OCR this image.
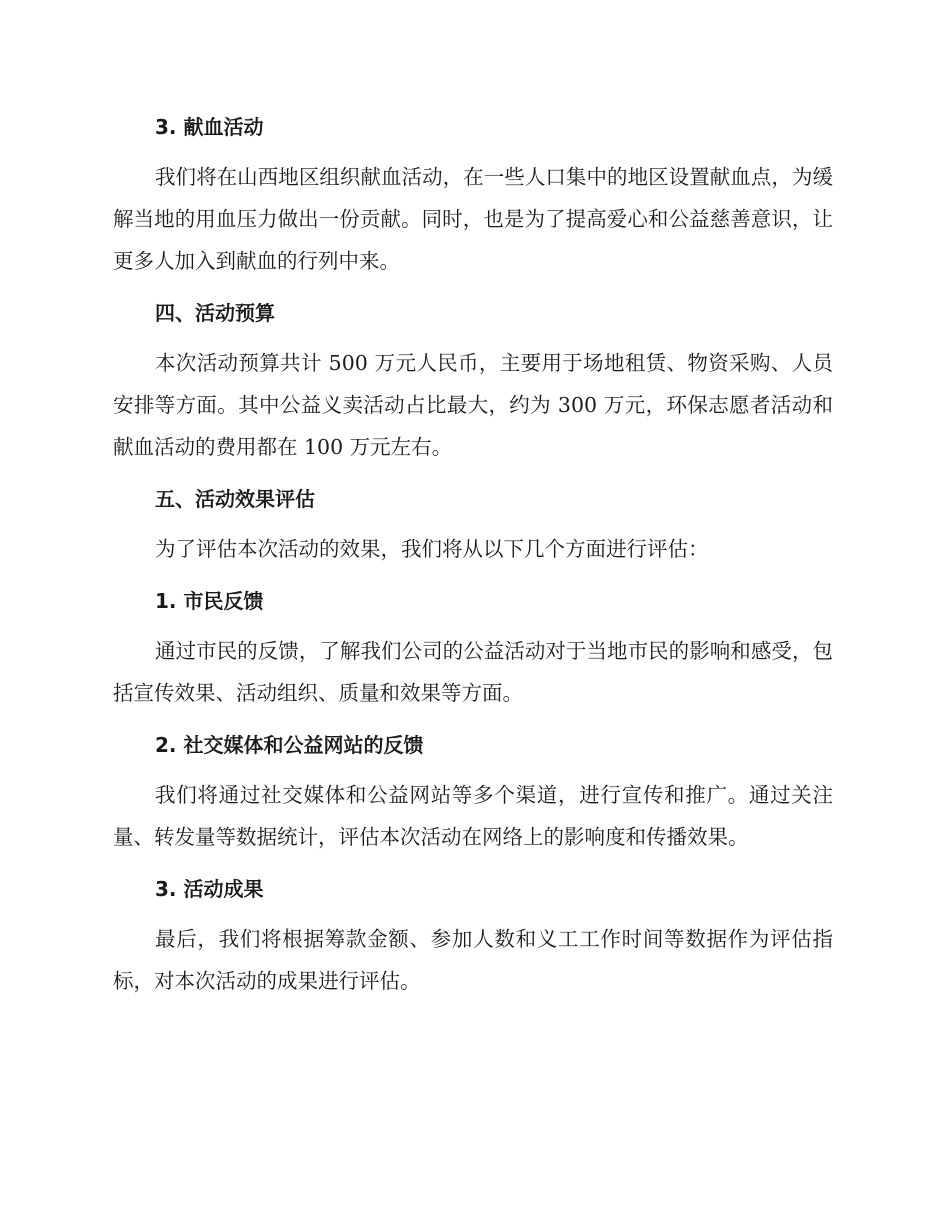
3. 献血活动

我们将在山西地区组织献血活动，在一些人口集中的地区设置献血点，为缓解当地的用血压力做出一份贡献。同时，也是为了提高爱心和公益慈善意识，让更多人加入到献血的行列中来。

四、活动预算

本次活动预算共计 500 万元人民币，主要用于场地租赁、物资采购、人员安排等方面。其中公益义卖活动占比最大，约为 300 万元，环保志愿者活动和献血活动的费用都在 100 万元左右。

五、活动效果评估

为了评估本次活动的效果，我们将从以下几个方面进行评估：

1. 市民反馈

通过市民的反馈，了解我们公司的公益活动对于当地市民的影响和感受，包括宣传效果、活动组织、质量和效果等方面。

2. 社交媒体和公益网站的反馈

我们将通过社交媒体和公益网站等多个渠道，进行宣传和推广。通过关注量、转发量等数据统计，评估本次活动在网络上的影响度和传播效果。

3. 活动成果

最后，我们将根据筹款金额、参加人数和义工工作时间等数据作为评估指标，对本次活动的成果进行评估。
